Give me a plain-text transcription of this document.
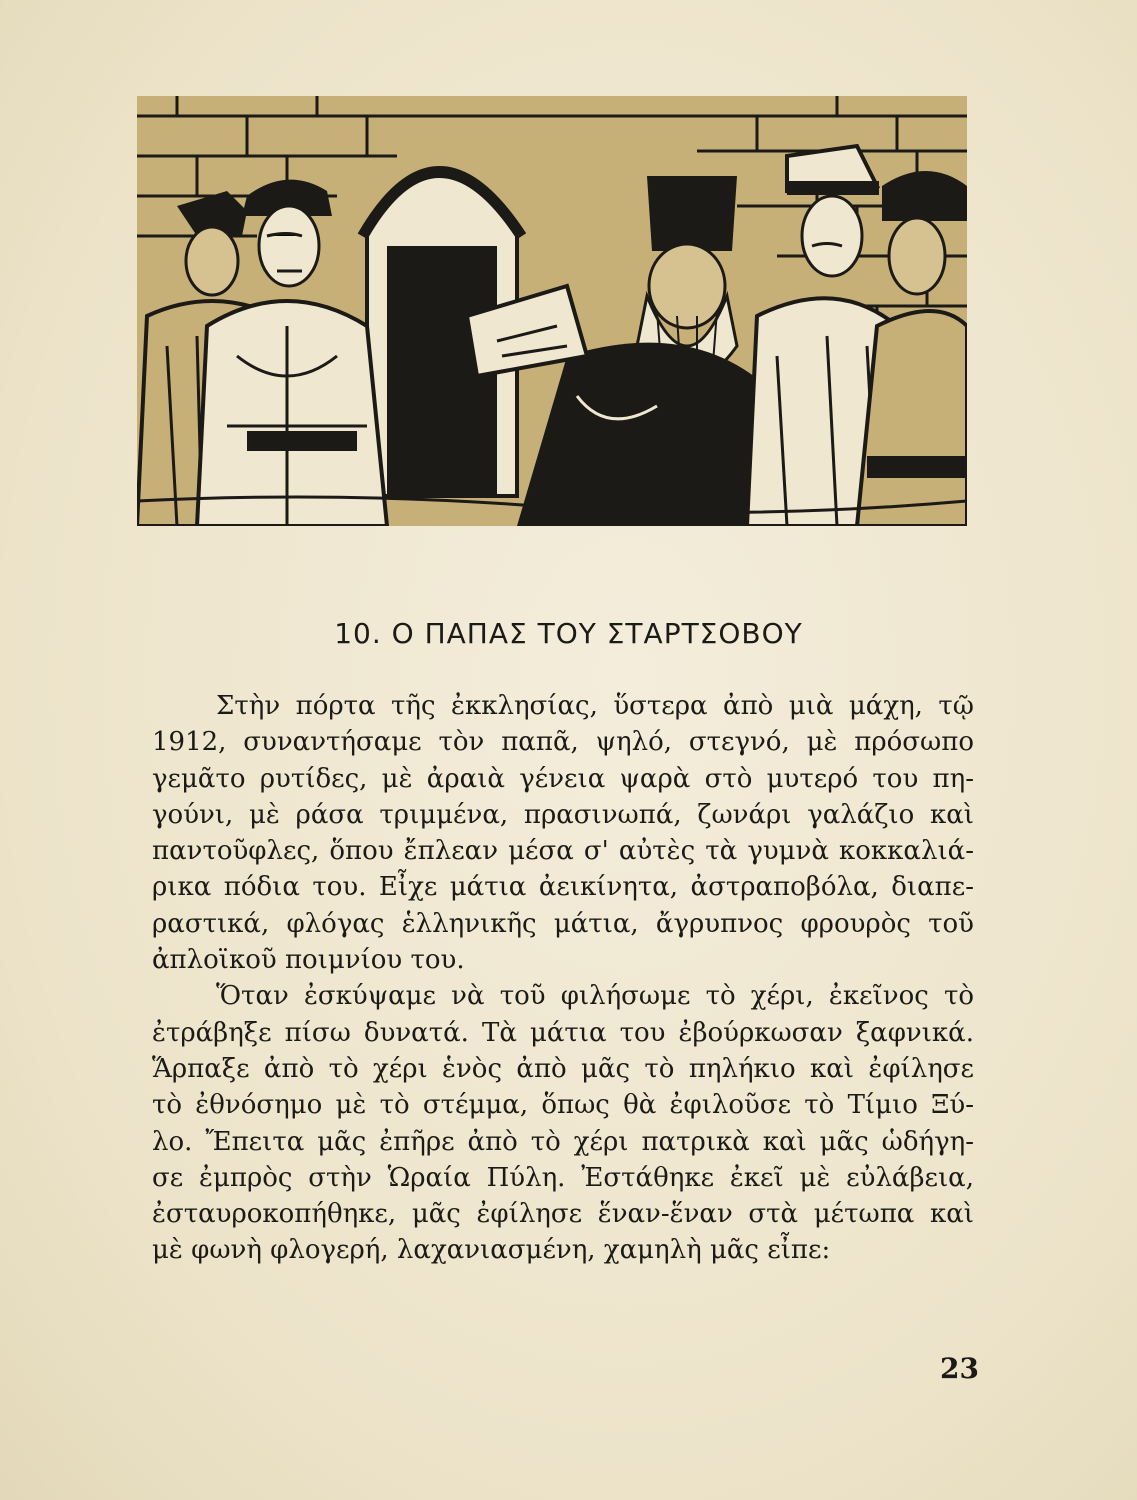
10. Ο ΠΑΠΑΣ ΤΟΥ ΣΤΑΡΤΣΟΒΟΥ

Στὴν πόρτα τῆς ἐκκλησίας, ὕστερα ἀπὸ μιὰ μάχη, τῷ
1912, συναντήσαμε τὸν παπᾶ, ψηλό, στεγνό, μὲ πρόσωπο
γεμᾶτο ρυτίδες, μὲ ἀραιὰ γένεια ψαρὰ στὸ μυτερό του πη-
γούνι, μὲ ράσα τριμμένα, πρασινωπά, ζωνάρι γαλάζιο καὶ
παντοῦφλες, ὅπου ἔπλεαν μέσα σ' αὐτὲς τὰ γυμνὰ κοκκαλιά-
ρικα πόδια του. Εἶχε μάτια ἀεικίνητα, ἀστραποβόλα, διαπε-
ραστικά, φλόγας ἑλληνικῆς μάτια, ἄγρυπνος φρουρὸς τοῦ
ἀπλοϊκοῦ ποιμνίου του.

Ὅταν ἐσκύψαμε νὰ τοῦ φιλήσωμε τὸ χέρι, ἐκεῖνος τὸ
ἐτράβηξε πίσω δυνατά. Τὰ μάτια του ἐβούρκωσαν ξαφνικά.
Ἅρπαξε ἀπὸ τὸ χέρι ἑνὸς ἀπὸ μᾶς τὸ πηλήκιο καὶ ἐφίλησε
τὸ ἐθνόσημο μὲ τὸ στέμμα, ὅπως θὰ ἐφιλοῦσε τὸ Τίμιο Ξύ-
λο. Ἔπειτα μᾶς ἐπῆρε ἀπὸ τὸ χέρι πατρικὰ καὶ μᾶς ὡδήγη-
σε ἐμπρὸς στὴν Ὡραία Πύλη. Ἐστάθηκε ἐκεῖ μὲ εὐλάβεια,
ἐσταυροκοπήθηκε, μᾶς ἐφίλησε ἕναν-ἕναν στὰ μέτωπα καὶ
μὲ φωνὴ φλογερή, λαχανιασμένη, χαμηλὴ μᾶς εἶπε:

23
